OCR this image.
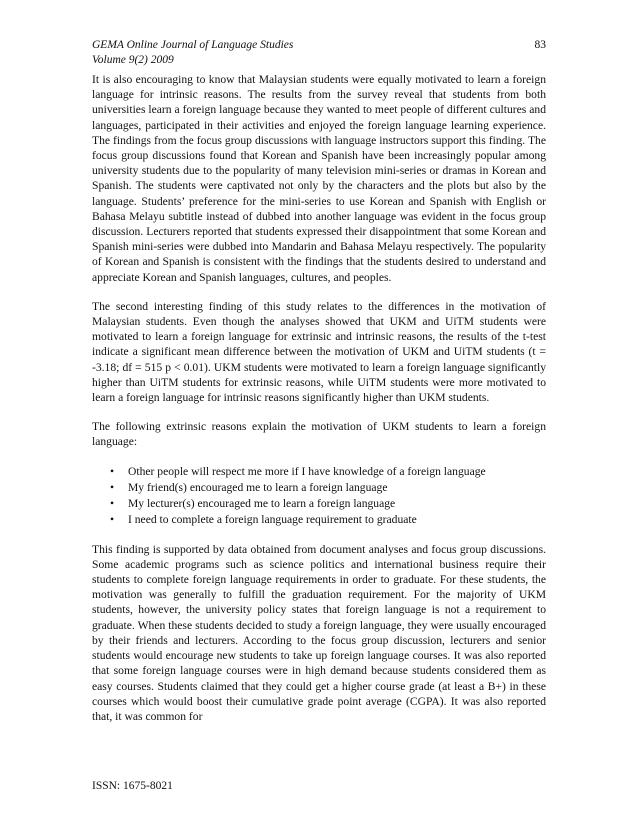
GEMA Online Journal of Language Studies
Volume 9(2) 2009
83

It is also encouraging to know that Malaysian students were equally motivated to learn a foreign language for intrinsic reasons. The results from the survey reveal that students from both universities learn a foreign language because they wanted to meet people of different cultures and languages, participated in their activities and enjoyed the foreign language learning experience. The findings from the focus group discussions with language instructors support this finding. The focus group discussions found that Korean and Spanish have been increasingly popular among university students due to the popularity of many television mini-series or dramas in Korean and Spanish. The students were captivated not only by the characters and the plots but also by the language. Students’ preference for the mini-series to use Korean and Spanish with English or Bahasa Melayu subtitle instead of dubbed into another language was evident in the focus group discussion. Lecturers reported that students expressed their disappointment that some Korean and Spanish mini-series were dubbed into Mandarin and Bahasa Melayu respectively. The popularity of Korean and Spanish is consistent with the findings that the students desired to understand and appreciate Korean and Spanish languages, cultures, and peoples.

The second interesting finding of this study relates to the differences in the motivation of Malaysian students. Even though the analyses showed that UKM and UiTM students were motivated to learn a foreign language for extrinsic and intrinsic reasons, the results of the t-test indicate a significant mean difference between the motivation of UKM and UiTM students (t = -3.18; df = 515 p < 0.01). UKM students were motivated to learn a foreign language significantly higher than UiTM students for extrinsic reasons, while UiTM students were more motivated to learn a foreign language for intrinsic reasons significantly higher than UKM students.

The following extrinsic reasons explain the motivation of UKM students to learn a foreign language:

• Other people will respect me more if I have knowledge of a foreign language
• My friend(s) encouraged me to learn a foreign language
• My lecturer(s) encouraged me to learn a foreign language
• I need to complete a foreign language requirement to graduate

This finding is supported by data obtained from document analyses and focus group discussions. Some academic programs such as science politics and international business require their students to complete foreign language requirements in order to graduate. For these students, the motivation was generally to fulfill the graduation requirement. For the majority of UKM students, however, the university policy states that foreign language is not a requirement to graduate. When these students decided to study a foreign language, they were usually encouraged by their friends and lecturers. According to the focus group discussion, lecturers and senior students would encourage new students to take up foreign language courses. It was also reported that some foreign language courses were in high demand because students considered them as easy courses. Students claimed that they could get a higher course grade (at least a B+) in these courses which would boost their cumulative grade point average (CGPA). It was also reported that, it was common for

ISSN: 1675-8021
